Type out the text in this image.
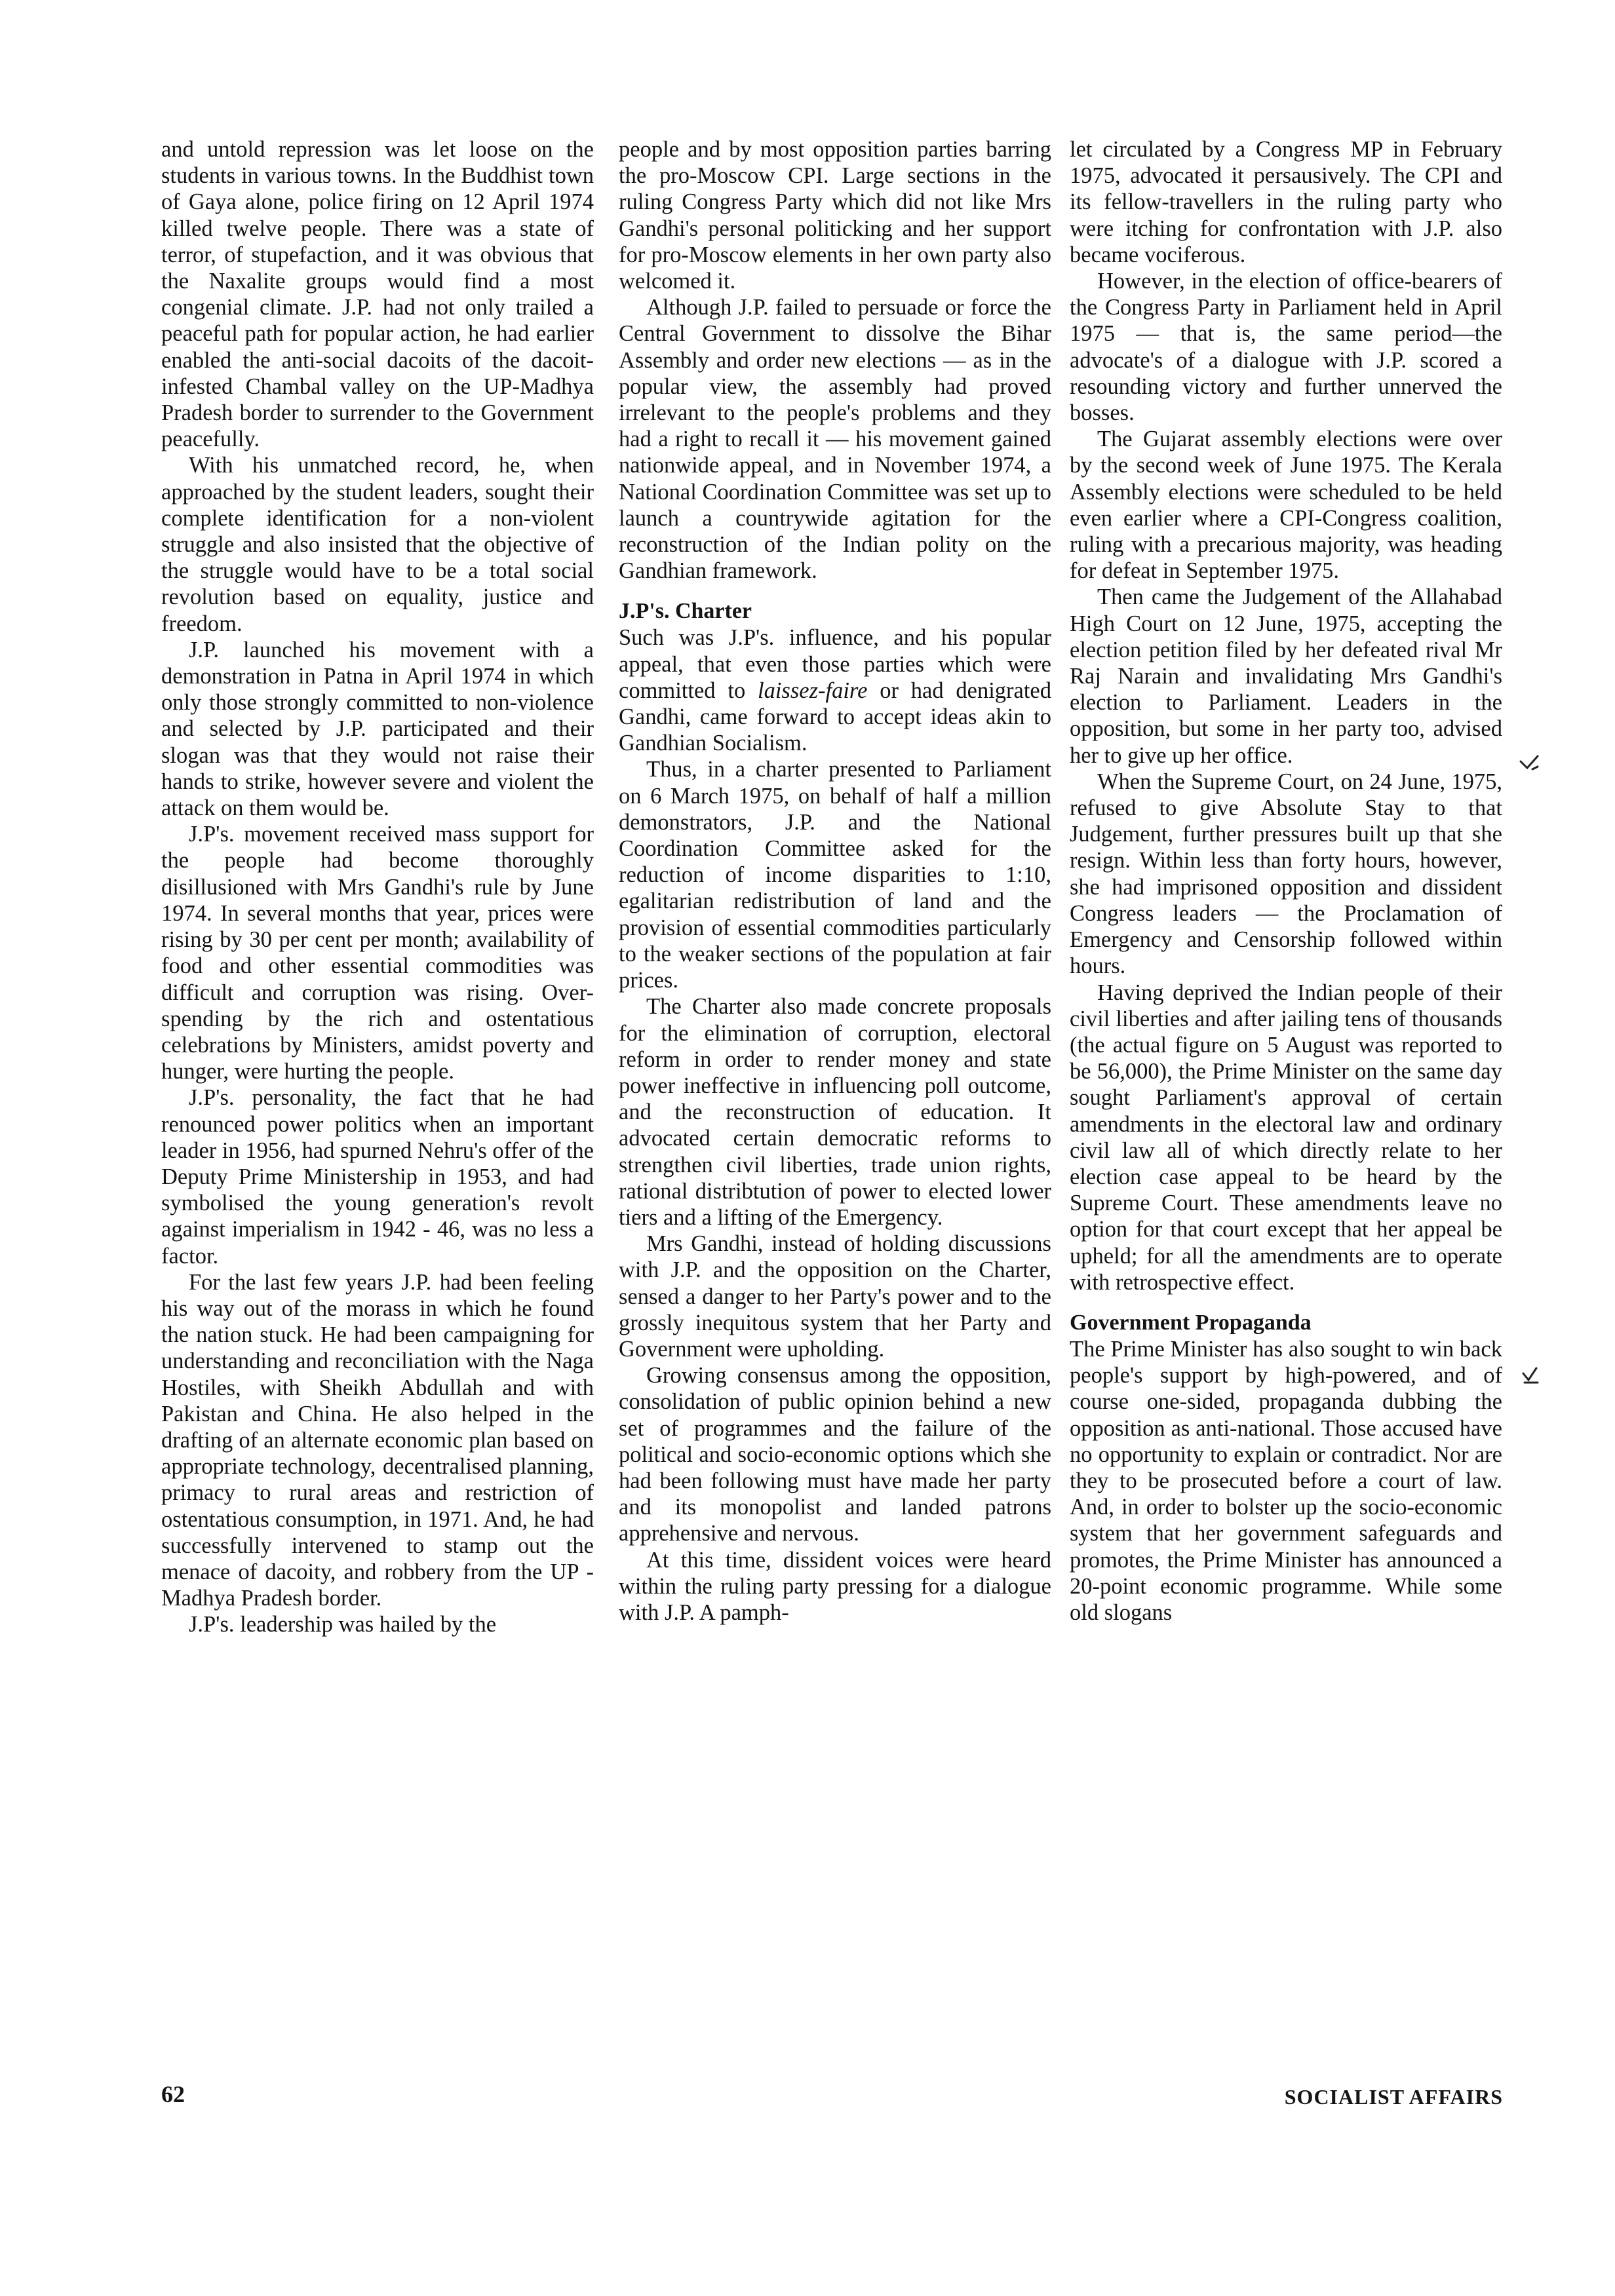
and untold repression was let loose on the students in various towns. In the Buddhist town of Gaya alone, police firing on 12 April 1974 killed twelve people. There was a state of terror, of stupefaction, and it was obvious that the Naxalite groups would find a most congenial climate. J.P. had not only trailed a peaceful path for popular action, he had earlier enabled the anti-social dacoits of the dacoit-infested Chambal valley on the UP-Madhya Pradesh border to surrender to the Government peacefully.

With his unmatched record, he, when approached by the student leaders, sought their complete identification for a non-violent struggle and also insisted that the objective of the struggle would have to be a total social revolution based on equality, justice and freedom.

J.P. launched his movement with a demonstration in Patna in April 1974 in which only those strongly committed to non-violence and selected by J.P. participated and their slogan was that they would not raise their hands to strike, however severe and violent the attack on them would be.

J.P's. movement received mass support for the people had become thoroughly disillusioned with Mrs Gandhi's rule by June 1974. In several months that year, prices were rising by 30 per cent per month; availability of food and other essential commodities was difficult and corruption was rising. Over-spending by the rich and ostentatious celebrations by Ministers, amidst poverty and hunger, were hurting the people.

J.P's. personality, the fact that he had renounced power politics when an important leader in 1956, had spurned Nehru's offer of the Deputy Prime Ministership in 1953, and had symbolised the young generation's revolt against imperialism in 1942 - 46, was no less a factor.

For the last few years J.P. had been feeling his way out of the morass in which he found the nation stuck. He had been campaigning for understanding and reconciliation with the Naga Hostiles, with Sheikh Abdullah and with Pakistan and China. He also helped in the drafting of an alternate economic plan based on appropriate technology, decentralised planning, primacy to rural areas and restriction of ostentatious consumption, in 1971. And, he had successfully intervened to stamp out the menace of dacoity, and robbery from the UP - Madhya Pradesh border.

J.P's. leadership was hailed by the

people and by most opposition parties barring the pro-Moscow CPI. Large sections in the ruling Congress Party which did not like Mrs Gandhi's personal politicking and her support for pro-Moscow elements in her own party also welcomed it.

Although J.P. failed to persuade or force the Central Government to dissolve the Bihar Assembly and order new elections — as in the popular view, the assembly had proved irrelevant to the people's problems and they had a right to recall it — his movement gained nationwide appeal, and in November 1974, a National Coordination Committee was set up to launch a countrywide agitation for the reconstruction of the Indian polity on the Gandhian framework.

J.P's. Charter

Such was J.P's. influence, and his popular appeal, that even those parties which were committed to laissez-faire or had denigrated Gandhi, came forward to accept ideas akin to Gandhian Socialism.

Thus, in a charter presented to Parliament on 6 March 1975, on behalf of half a million demonstrators, J.P. and the National Coordination Committee asked for the reduction of income disparities to 1:10, egalitarian redistribution of land and the provision of essential commodities particularly to the weaker sections of the population at fair prices.

The Charter also made concrete proposals for the elimination of corruption, electoral reform in order to render money and state power ineffective in influencing poll outcome, and the reconstruction of education. It advocated certain democratic reforms to strengthen civil liberties, trade union rights, rational distribtution of power to elected lower tiers and a lifting of the Emergency.

Mrs Gandhi, instead of holding discussions with J.P. and the opposition on the Charter, sensed a danger to her Party's power and to the grossly inequitous system that her Party and Government were upholding.

Growing consensus among the opposition, consolidation of public opinion behind a new set of programmes and the failure of the political and socio-economic options which she had been following must have made her party and its monopolist and landed patrons apprehensive and nervous.

At this time, dissident voices were heard within the ruling party pressing for a dialogue with J.P. A pamph-

let circulated by a Congress MP in February 1975, advocated it persausively. The CPI and its fellow-travellers in the ruling party who were itching for confrontation with J.P. also became vociferous.

However, in the election of office-bearers of the Congress Party in Parliament held in April 1975 — that is, the same period—the advocate's of a dialogue with J.P. scored a resounding victory and further unnerved the bosses.

The Gujarat assembly elections were over by the second week of June 1975. The Kerala Assembly elections were scheduled to be held even earlier where a CPI-Congress coalition, ruling with a precarious majority, was heading for defeat in September 1975.

Then came the Judgement of the Allahabad High Court on 12 June, 1975, accepting the election petition filed by her defeated rival Mr Raj Narain and invalidating Mrs Gandhi's election to Parliament. Leaders in the opposition, but some in her party too, advised her to give up her office.

When the Supreme Court, on 24 June, 1975, refused to give Absolute Stay to that Judgement, further pressures built up that she resign. Within less than forty hours, however, she had imprisoned opposition and dissident Congress leaders — the Proclamation of Emergency and Censorship followed within hours.

Having deprived the Indian people of their civil liberties and after jailing tens of thousands (the actual figure on 5 August was reported to be 56,000), the Prime Minister on the same day sought Parliament's approval of certain amendments in the electoral law and ordinary civil law all of which directly relate to her election case appeal to be heard by the Supreme Court. These amendments leave no option for that court except that her appeal be upheld; for all the amendments are to operate with retrospective effect.

Government Propaganda

The Prime Minister has also sought to win back people's support by high-powered, and of course one-sided, propaganda dubbing the opposition as anti-national. Those accused have no opportunity to explain or contradict. Nor are they to be prosecuted before a court of law. And, in order to bolster up the socio-economic system that her government safeguards and promotes, the Prime Minister has announced a 20-point economic programme. While some old slogans

62	SOCIALIST AFFAIRS
